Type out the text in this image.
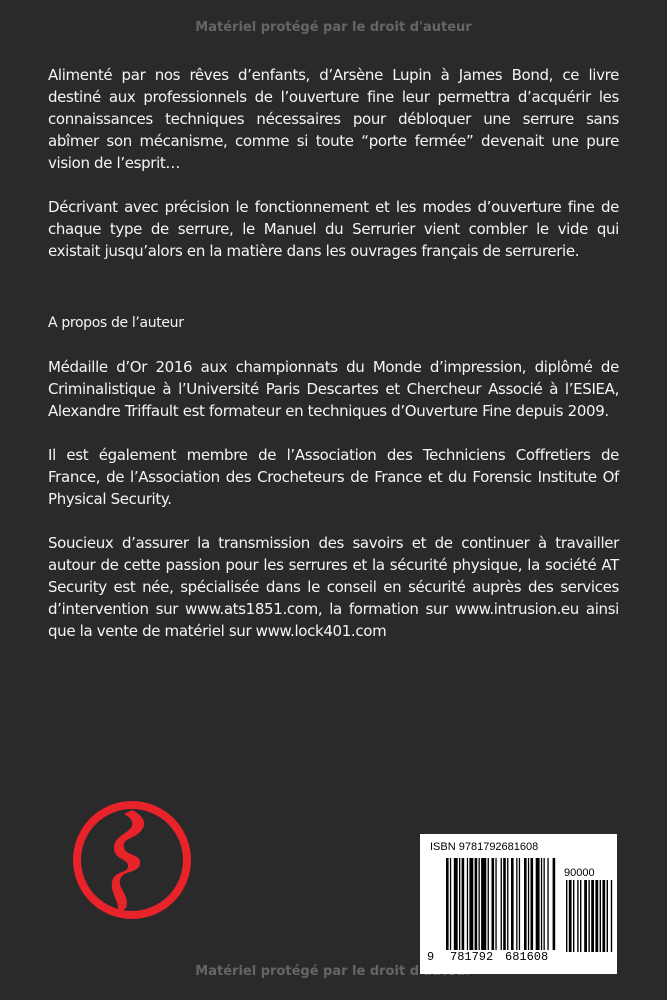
Matériel protégé par le droit d'auteur

Alimenté par nos rêves d’enfants, d’Arsène Lupin à James Bond, ce livre destiné aux professionnels de l’ouverture fine leur permettra d’acquérir les connaissances techniques nécessaires pour débloquer une serrure sans abîmer son mécanisme, comme si toute “porte fermée” devenait une pure vision de l’esprit…

Décrivant avec précision le fonctionnement et les modes d’ouverture fine de chaque type de serrure, le Manuel du Serrurier vient combler le vide qui existait jusqu’alors en la matière dans les ouvrages français de serrurerie.

A propos de l’auteur

Médaille d’Or 2016 aux championnats du Monde d’impression, diplômé de Criminalistique à l’Université Paris Descartes et Chercheur Associé à l’ESIEA, Alexandre Triffault est formateur en techniques d’Ouverture Fine depuis 2009.

Il est également membre de l’Association des Techniciens Coffretiers de France, de l’Association des Crocheteurs de France et du Forensic Institute Of Physical Security.

Soucieux d’assurer la transmission des savoirs et de continuer à travailler autour de cette passion pour les serrures et la sécurité physique, la société AT Security est née, spécialisée dans le conseil en sécurité auprès des services d’intervention sur www.ats1851.com, la formation sur www.intrusion.eu ainsi que la vente de matériel sur www.lock401.com

ISBN 9781792681608
90000
9 781792 681608
Matériel protégé par le droit d'auteur
